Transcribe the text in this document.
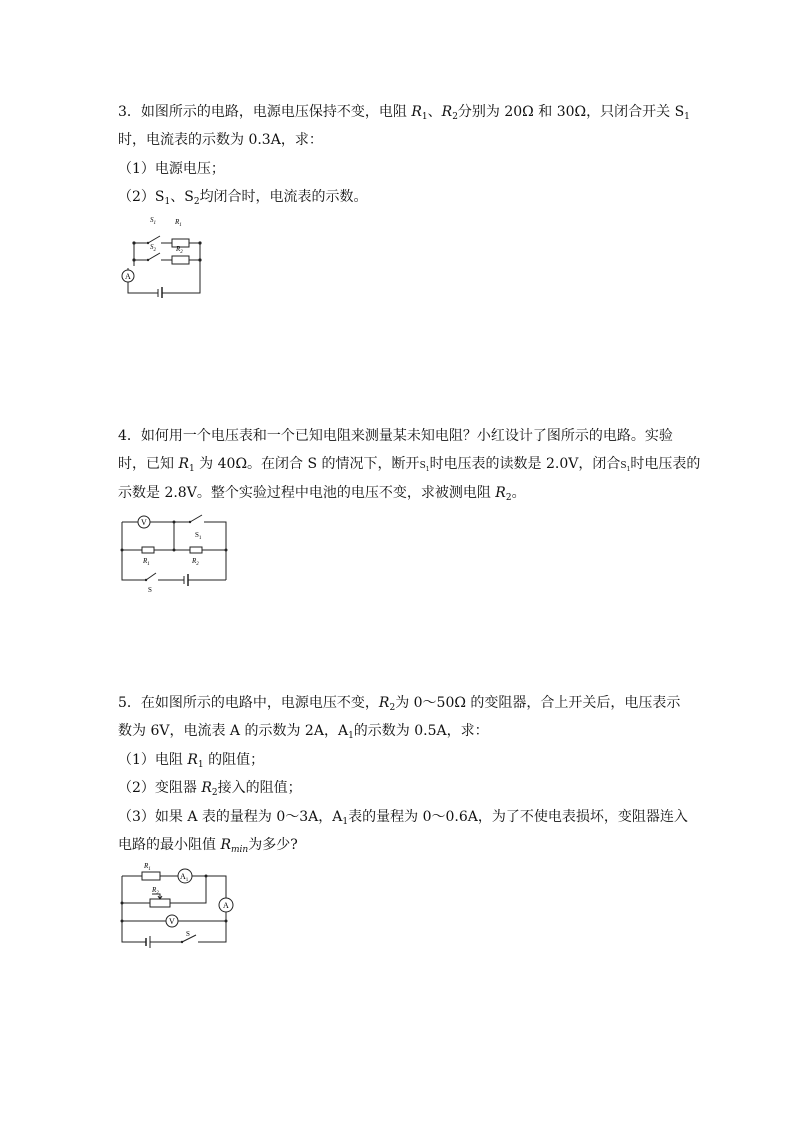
3．如图所示的电路，电源电压保持不变，电阻 $R_1$、$R_2$分别为 20Ω 和 30Ω，只闭合开关 $S_1$
时，电流表的示数为 0.3A，求：
（1）电源电压；
$(2)S_1$、$S_2$均闭合时，电流表的示数。
A
$S_1$	$R_1$
$S_2$	$R_2$
4．如何用一个电压表和一个已知电阻来测量某未知电阻？小红设计了图所示的电路。实验
时，已知 $R_1$ 为 40Ω。在闭合 S 的情况下，断开$S_1$时电压表的读数是 2.0V，闭合$S_1$时电压表的
示数是 2.8V。整个实验过程中电池的电压不变，求被测电阻 $R_2$。
V
$S_1$
$R_1$	$R_2$
S
5．在如图所示的电路中，电源电压不变，$R_2$为 0～50Ω 的变阻器，合上开关后，电压表示
数为 6V，电流表 A 的示数为 2A，$A_1$的示数为 0.5A，求：
（1）电阻 $R_1$ 的阻值；
（2）变阻器 $R_2$接入的阻值；
（3）如果 A 表的量程为 0～3A，$A_1$表的量程为 0～0.6A，为了不使电表损坏，变阻器连入
电路的最小阻值 $R_{min}$为多少?
$A_1$
A
V
$R_1$
$R_2$
S
